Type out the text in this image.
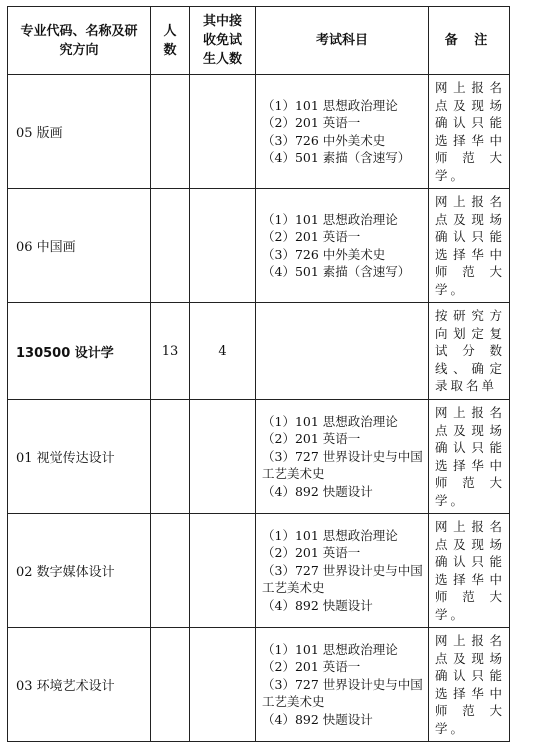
专业代码、名称及研究方向	人数	其中接收免试生人数	考试科目	备 注
05 版画			（1）101 思想政治理论
（2）201 英语一
（3）726 中外美术史
（4）501 素描（含速写）	网上报名点及现场确认只能选择华中师范大学。
06 中国画			（1）101 思想政治理论
（2）201 英语一
（3）726 中外美术史
（4）501 素描（含速写）	网上报名点及现场确认只能选择华中师范大学。
130500 设计学	13	4		按研究方向划定复试分数线、确定录取名单
01 视觉传达设计			（1）101 思想政治理论
（2）201 英语一
（3）727 世界设计史与中国工艺美术史
（4）892 快题设计	网上报名点及现场确认只能选择华中师范大学。
02 数字媒体设计			（1）101 思想政治理论
（2）201 英语一
（3）727 世界设计史与中国工艺美术史
（4）892 快题设计	网上报名点及现场确认只能选择华中师范大学。
03 环境艺术设计			（1）101 思想政治理论
（2）201 英语一
（3）727 世界设计史与中国工艺美术史
（4）892 快题设计	网上报名点及现场确认只能选择华中师范大学。
